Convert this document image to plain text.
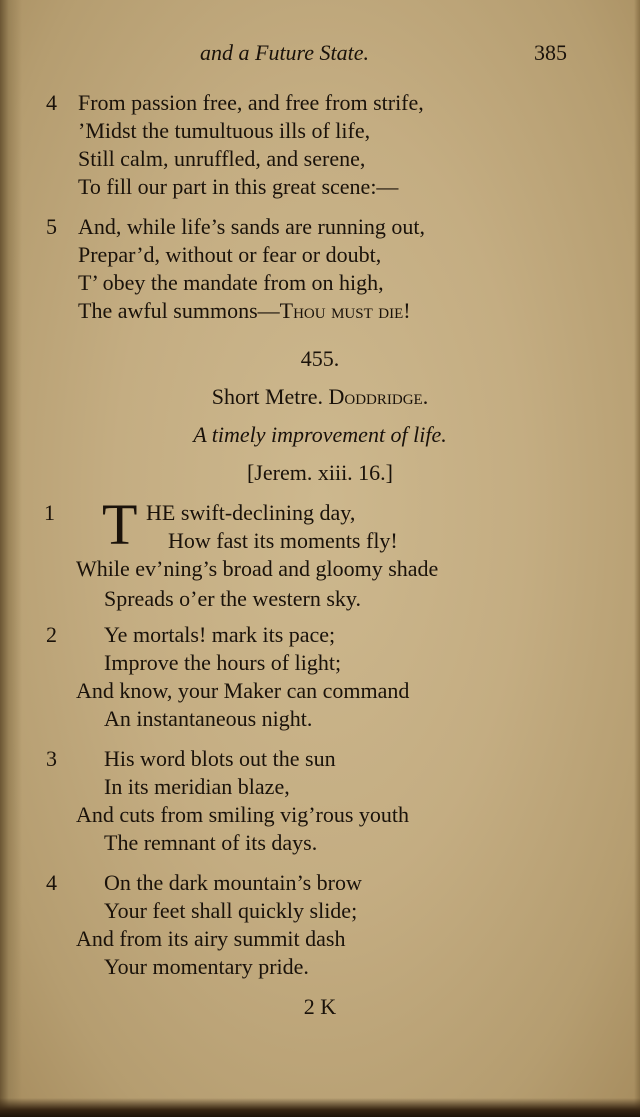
and a Future State.	385
4 From passion free, and free from strife,
’Midst the tumultuous ills of life,
Still calm, unruffled, and serene,
To fill our part in this great scene:—
5 And, while life’s sands are running out,
Prepar’d, without or fear or doubt,
T’ obey the mandate from on high,
The awful summons—Thou must die!
455.
Short Metre. Doddridge.
A timely improvement of life.
[Jerem. xiii. 16.]
1 T HE swift-declining day,
How fast its moments fly!
While ev’ning’s broad and gloomy shade
Spreads o’er the western sky.
2 Ye mortals! mark its pace;
Improve the hours of light;
And know, your Maker can command
An instantaneous night.
3 His word blots out the sun
In its meridian blaze,
And cuts from smiling vig’rous youth
The remnant of its days.
4 On the dark mountain’s brow
Your feet shall quickly slide;
And from its airy summit dash
Your momentary pride.
2 K
